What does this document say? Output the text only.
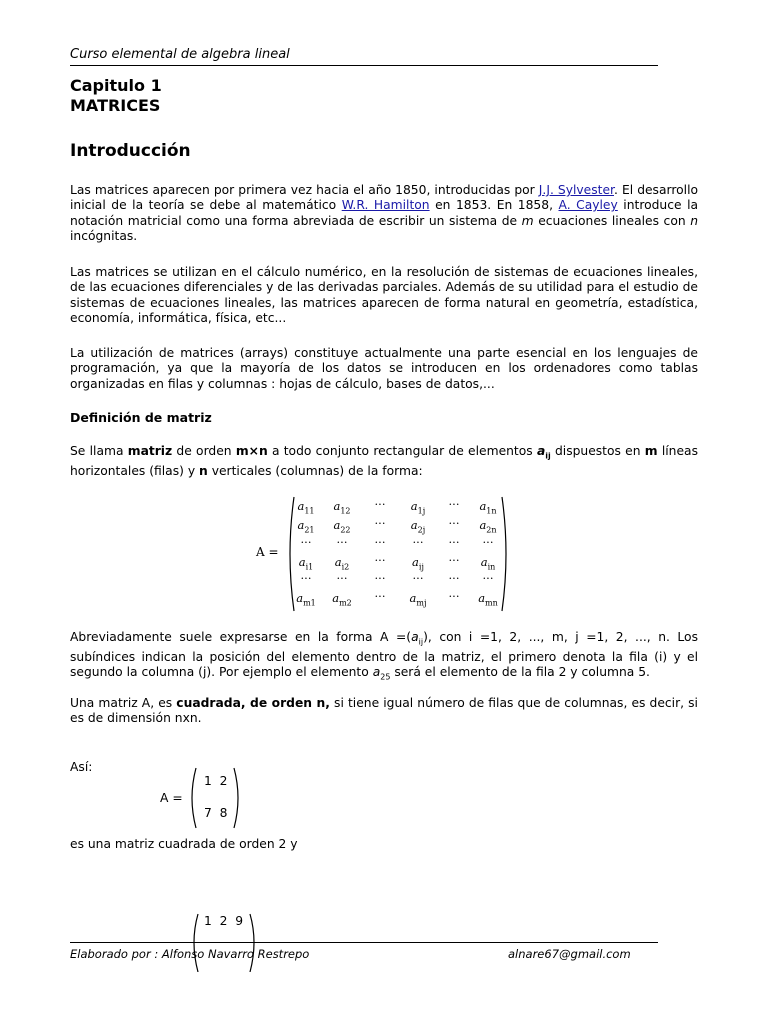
Curso elemental de algebra lineal
Capitulo 1
MATRICES
Introducción

Las matrices aparecen por primera vez hacia el año 1850, introducidas por J.J. Sylvester. El desarrollo inicial de la teoría se debe al matemático W.R. Hamilton en 1853. En 1858, A. Cayley introduce la notación matricial como una forma abreviada de escribir un sistema de m ecuaciones lineales con n incógnitas.

Las matrices se utilizan en el cálculo numérico, en la resolución de sistemas de ecuaciones lineales, de las ecuaciones diferenciales y de las derivadas parciales. Además de su utilidad para el estudio de sistemas de ecuaciones lineales, las matrices aparecen de forma natural en geometría, estadística, economía, informática, física, etc...

La utilización de matrices (arrays) constituye actualmente una parte esencial en los lenguajes de programación, ya que la mayoría de los datos se introducen en los ordenadores como tablas organizadas en filas y columnas : hojas de cálculo, bases de datos,...

Definición de matriz

Se llama matriz de orden m×n a todo conjunto rectangular de elementos $a_{ij}$ dispuestos en m líneas horizontales (filas) y n verticales (columnas) de la forma:

A =
$a_{11}$	$a_{12}$	···	$a_{1j}$	···	$a_{1n}$
$a_{21}$	$a_{22}$	···	$a_{2j}$	···	$a_{2n}$
···	···	···	···	···	···
$a_{i1}$	$a_{i2}$	···	$a_{ij}$	···	$a_{in}$
···	···	···	···	···	···
$a_{m1}$	$a_{m2}$	···	$a_{mj}$	···	$a_{mn}$

Abreviadamente suele expresarse en la forma $A =(a_{ij})$, con i =1, 2, ..., m, j =1, 2, ..., n. Los subíndices indican la posición del elemento dentro de la matriz, el primero denota la fila (i) y el segundo la columna (j). Por ejemplo el elemento $a_{25}$ será el elemento de la fila 2 y columna 5.

Una matriz A, es cuadrada, de orden n, si tiene igual número de filas que de columnas, es decir, si es de dimensión nxn.

Así:
A =
1  2
7  8

es una matriz cuadrada de orden 2 y

1  2  9
Elaborado por : Alfonso Navarro Restrepo	alnare67@gmail.com
